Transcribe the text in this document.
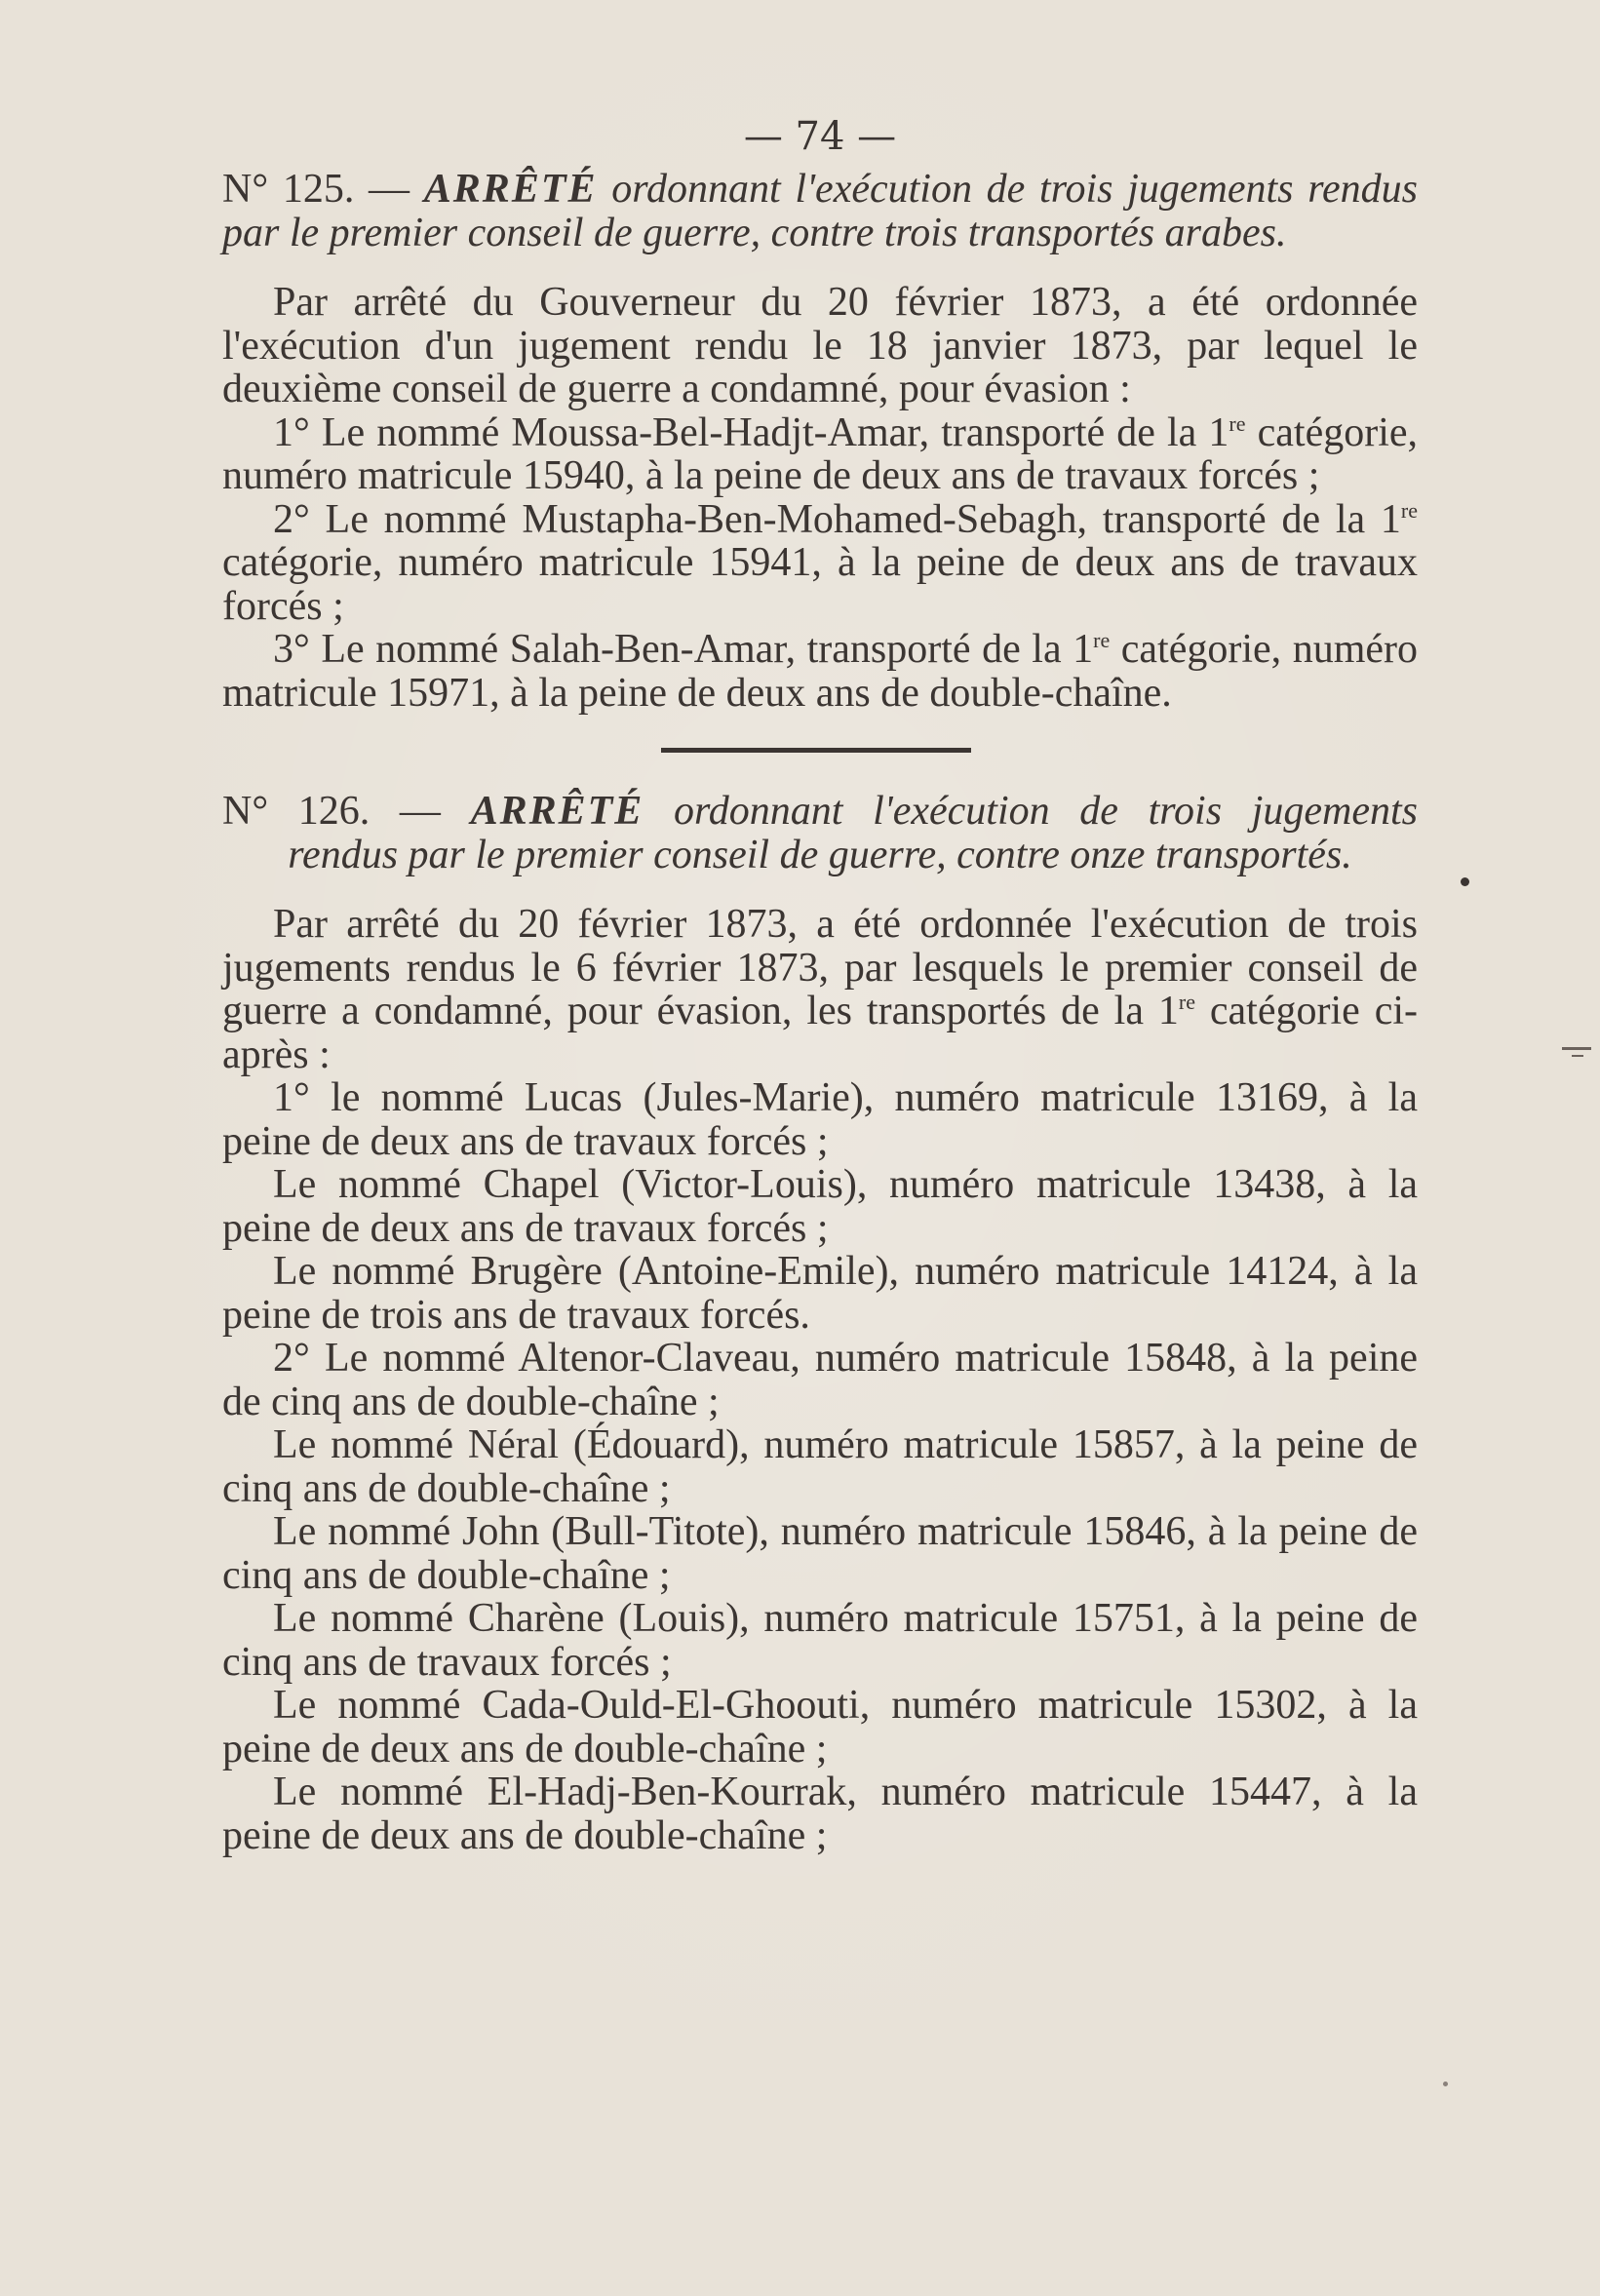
— 74 —

N° 125. — ARRÊTÉ ordonnant l'exécution de trois jugements rendus par le premier conseil de guerre, contre trois transportés arabes.

Par arrêté du Gouverneur du 20 février 1873, a été ordonnée l'exécution d'un jugement rendu le 18 janvier 1873, par lequel le deuxième conseil de guerre a condamné, pour évasion :

1° Le nommé Moussa-Bel-Hadjt-Amar, transporté de la 1re catégorie, numéro matricule 15940, à la peine de deux ans de travaux forcés ;

2° Le nommé Mustapha-Ben-Mohamed-Sebagh, transporté de la 1re catégorie, numéro matricule 15941, à la peine de deux ans de travaux forcés ;

3° Le nommé Salah-Ben-Amar, transporté de la 1re catégorie, numéro matricule 15971, à la peine de deux ans de double-chaîne.

N° 126. — ARRÊTÉ ordonnant l'exécution de trois jugements
rendus par le premier conseil de guerre, contre onze transportés.

Par arrêté du 20 février 1873, a été ordonnée l'exécution de trois jugements rendus le 6 février 1873, par lesquels le premier conseil de guerre a condamné, pour évasion, les transportés de la 1re catégorie ci-après :

1° le nommé Lucas (Jules-Marie), numéro matricule 13169, à la peine de deux ans de travaux forcés ;

Le nommé Chapel (Victor-Louis), numéro matricule 13438, à la peine de deux ans de travaux forcés ;

Le nommé Brugère (Antoine-Emile), numéro matricule 14124, à la peine de trois ans de travaux forcés.

2° Le nommé Altenor-Claveau, numéro matricule 15848, à la peine de cinq ans de double-chaîne ;

Le nommé Néral (Édouard), numéro matricule 15857, à la peine de cinq ans de double-chaîne ;

Le nommé John (Bull-Titote), numéro matricule 15846, à la peine de cinq ans de double-chaîne ;

Le nommé Charène (Louis), numéro matricule 15751, à la peine de cinq ans de travaux forcés ;

Le nommé Cada-Ould-El-Ghoouti, numéro matricule 15302, à la peine de deux ans de double-chaîne ;

Le nommé El-Hadj-Ben-Kourrak, numéro matricule 15447, à la peine de deux ans de double-chaîne ;
